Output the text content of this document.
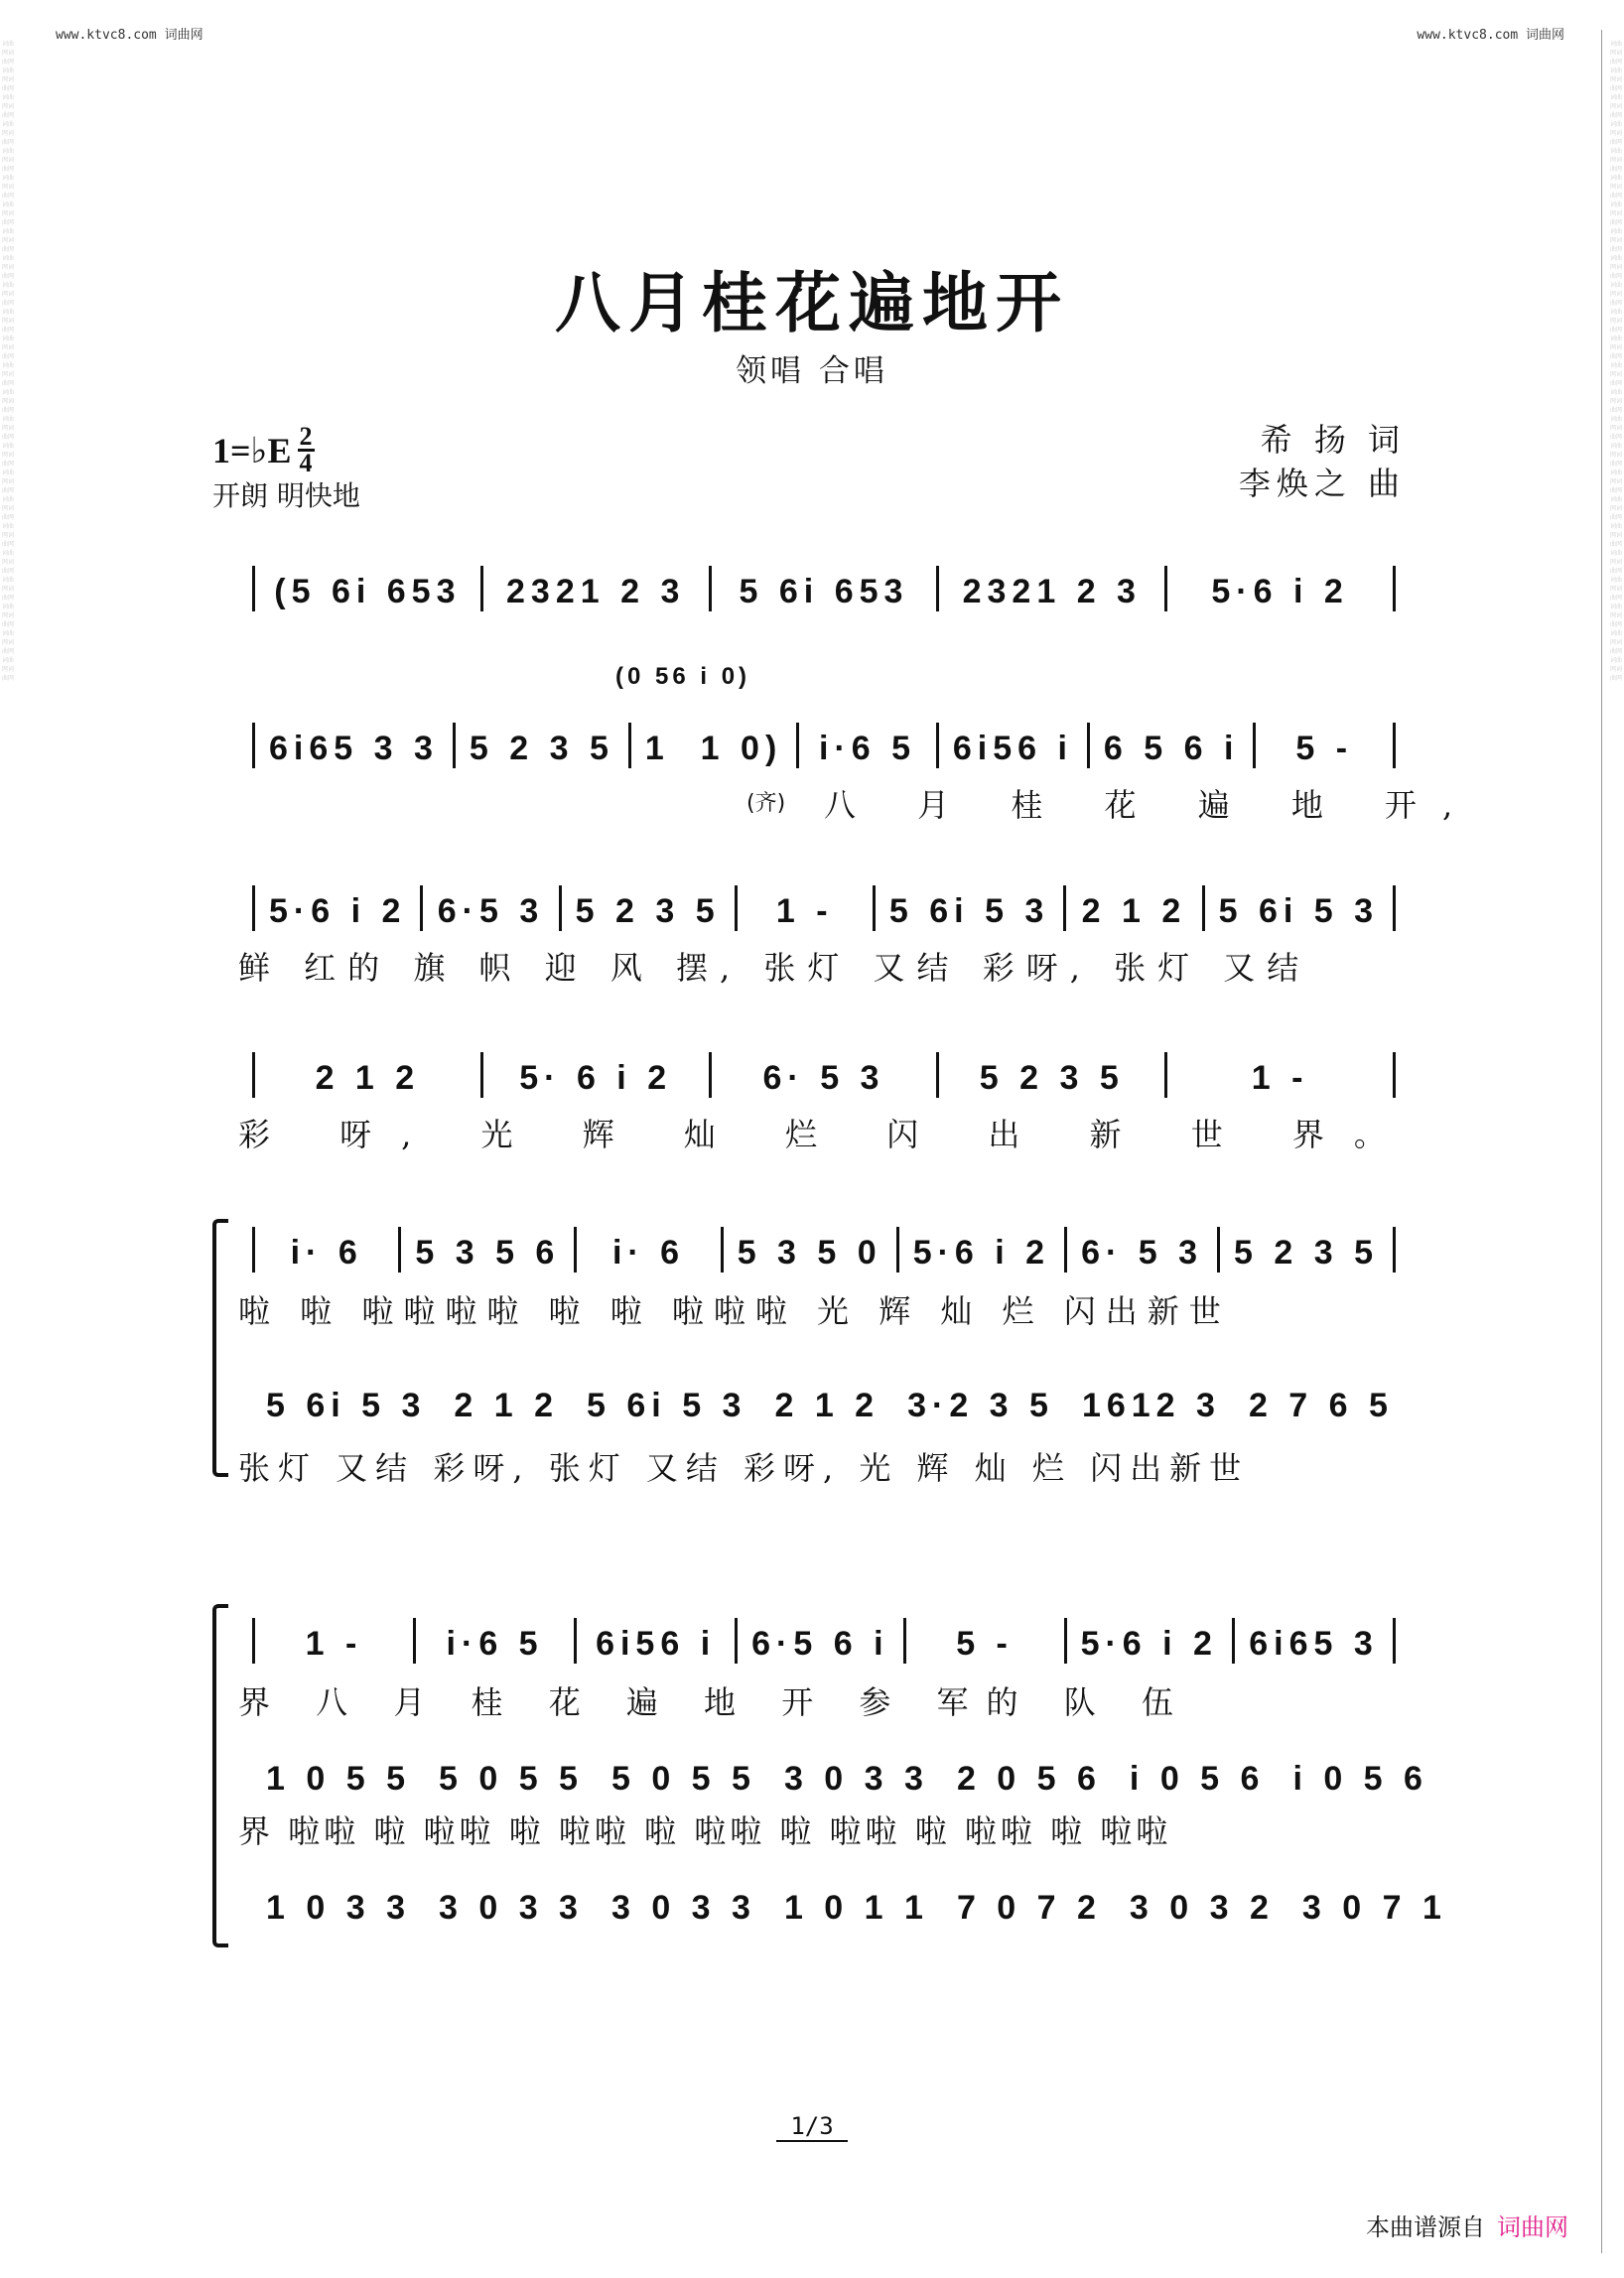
www.ktvc8.com 词曲网	www.ktvc8.com 词曲网
词曲网词曲网词曲网词曲网词曲网词曲网词曲网词曲网词曲网词曲网词曲网词曲网词曲网词曲网词曲网词曲网词曲网词曲网词曲网词曲网词曲网词曲网词曲网词曲网词曲网词曲网词曲网词曲网词曲网词曲网词曲网词曲网词曲网词曲网词曲网词曲网词曲网词曲网词曲网词曲网词曲网词曲网词曲网词曲网词曲网词曲网词曲网词曲网
词曲网词曲网词曲网词曲网词曲网词曲网词曲网词曲网词曲网词曲网词曲网词曲网词曲网词曲网词曲网词曲网词曲网词曲网词曲网词曲网词曲网词曲网词曲网词曲网词曲网词曲网词曲网词曲网词曲网词曲网词曲网词曲网词曲网词曲网词曲网词曲网词曲网词曲网词曲网词曲网词曲网词曲网词曲网词曲网词曲网词曲网词曲网词曲网
八月桂花遍地开
领唱 合唱
1=♭E 2
4
开朗 明快地
希 扬 词
李焕之 曲
(5 6i 653 2321 2 3	5 6i 653	2321 2 3	5·6 i 2
(0 56 i 0)
6i65 3 3 5 2 3 5 1  1 0) i·6 5 6i56 i 6 5 6 i	5 -
(齐) 八 月 桂 花 遍 地 开,
5·6 i 2 6·5 3 5 2 3 5	1 -	5 6i 5 3 2 1 2 5 6i 5 3
鲜 红的 旗 帜 迎 风 摆, 张灯 又结 彩呀, 张灯 又结
2 1 2	5· 6 i 2	6· 5 3	5 2 3 5	1 -
彩 呀, 光 辉 灿 烂 闪 出 新 世 界。
i· 6	5 3 5 6	i· 6	5 3 5 0 5·6 i 2 6· 5 3 5 2 3 5
啦 啦 啦啦啦啦 啦 啦 啦啦啦 光 辉 灿 烂 闪出新世
5 6i 5 3 2 1 2 5 6i 5 3 2 1 2 3·2 3 5 1612 3 2 7 6 5
张灯 又结 彩呀, 张灯 又结 彩呀, 光 辉 灿 烂 闪出新世
1 -	i·6 5	6i56 i 6·5 6 i	5 -	5·6 i 2 6i65 3
界 八 月 桂 花 遍 地 开 参 军的 队 伍
1 0 5 5 5 0 5 5 5 0 5 5 3 0 3 3 2 0 5 6 i 0 5 6 i 0 5 6
界 啦啦 啦 啦啦 啦 啦啦 啦 啦啦 啦 啦啦 啦 啦啦 啦 啦啦
1 0 3 3 3 0 3 3 3 0 3 3 1 0 1 1 7 0 7 2 3 0 3 2 3 0 7 1
1/3
本曲谱源自 词曲网
